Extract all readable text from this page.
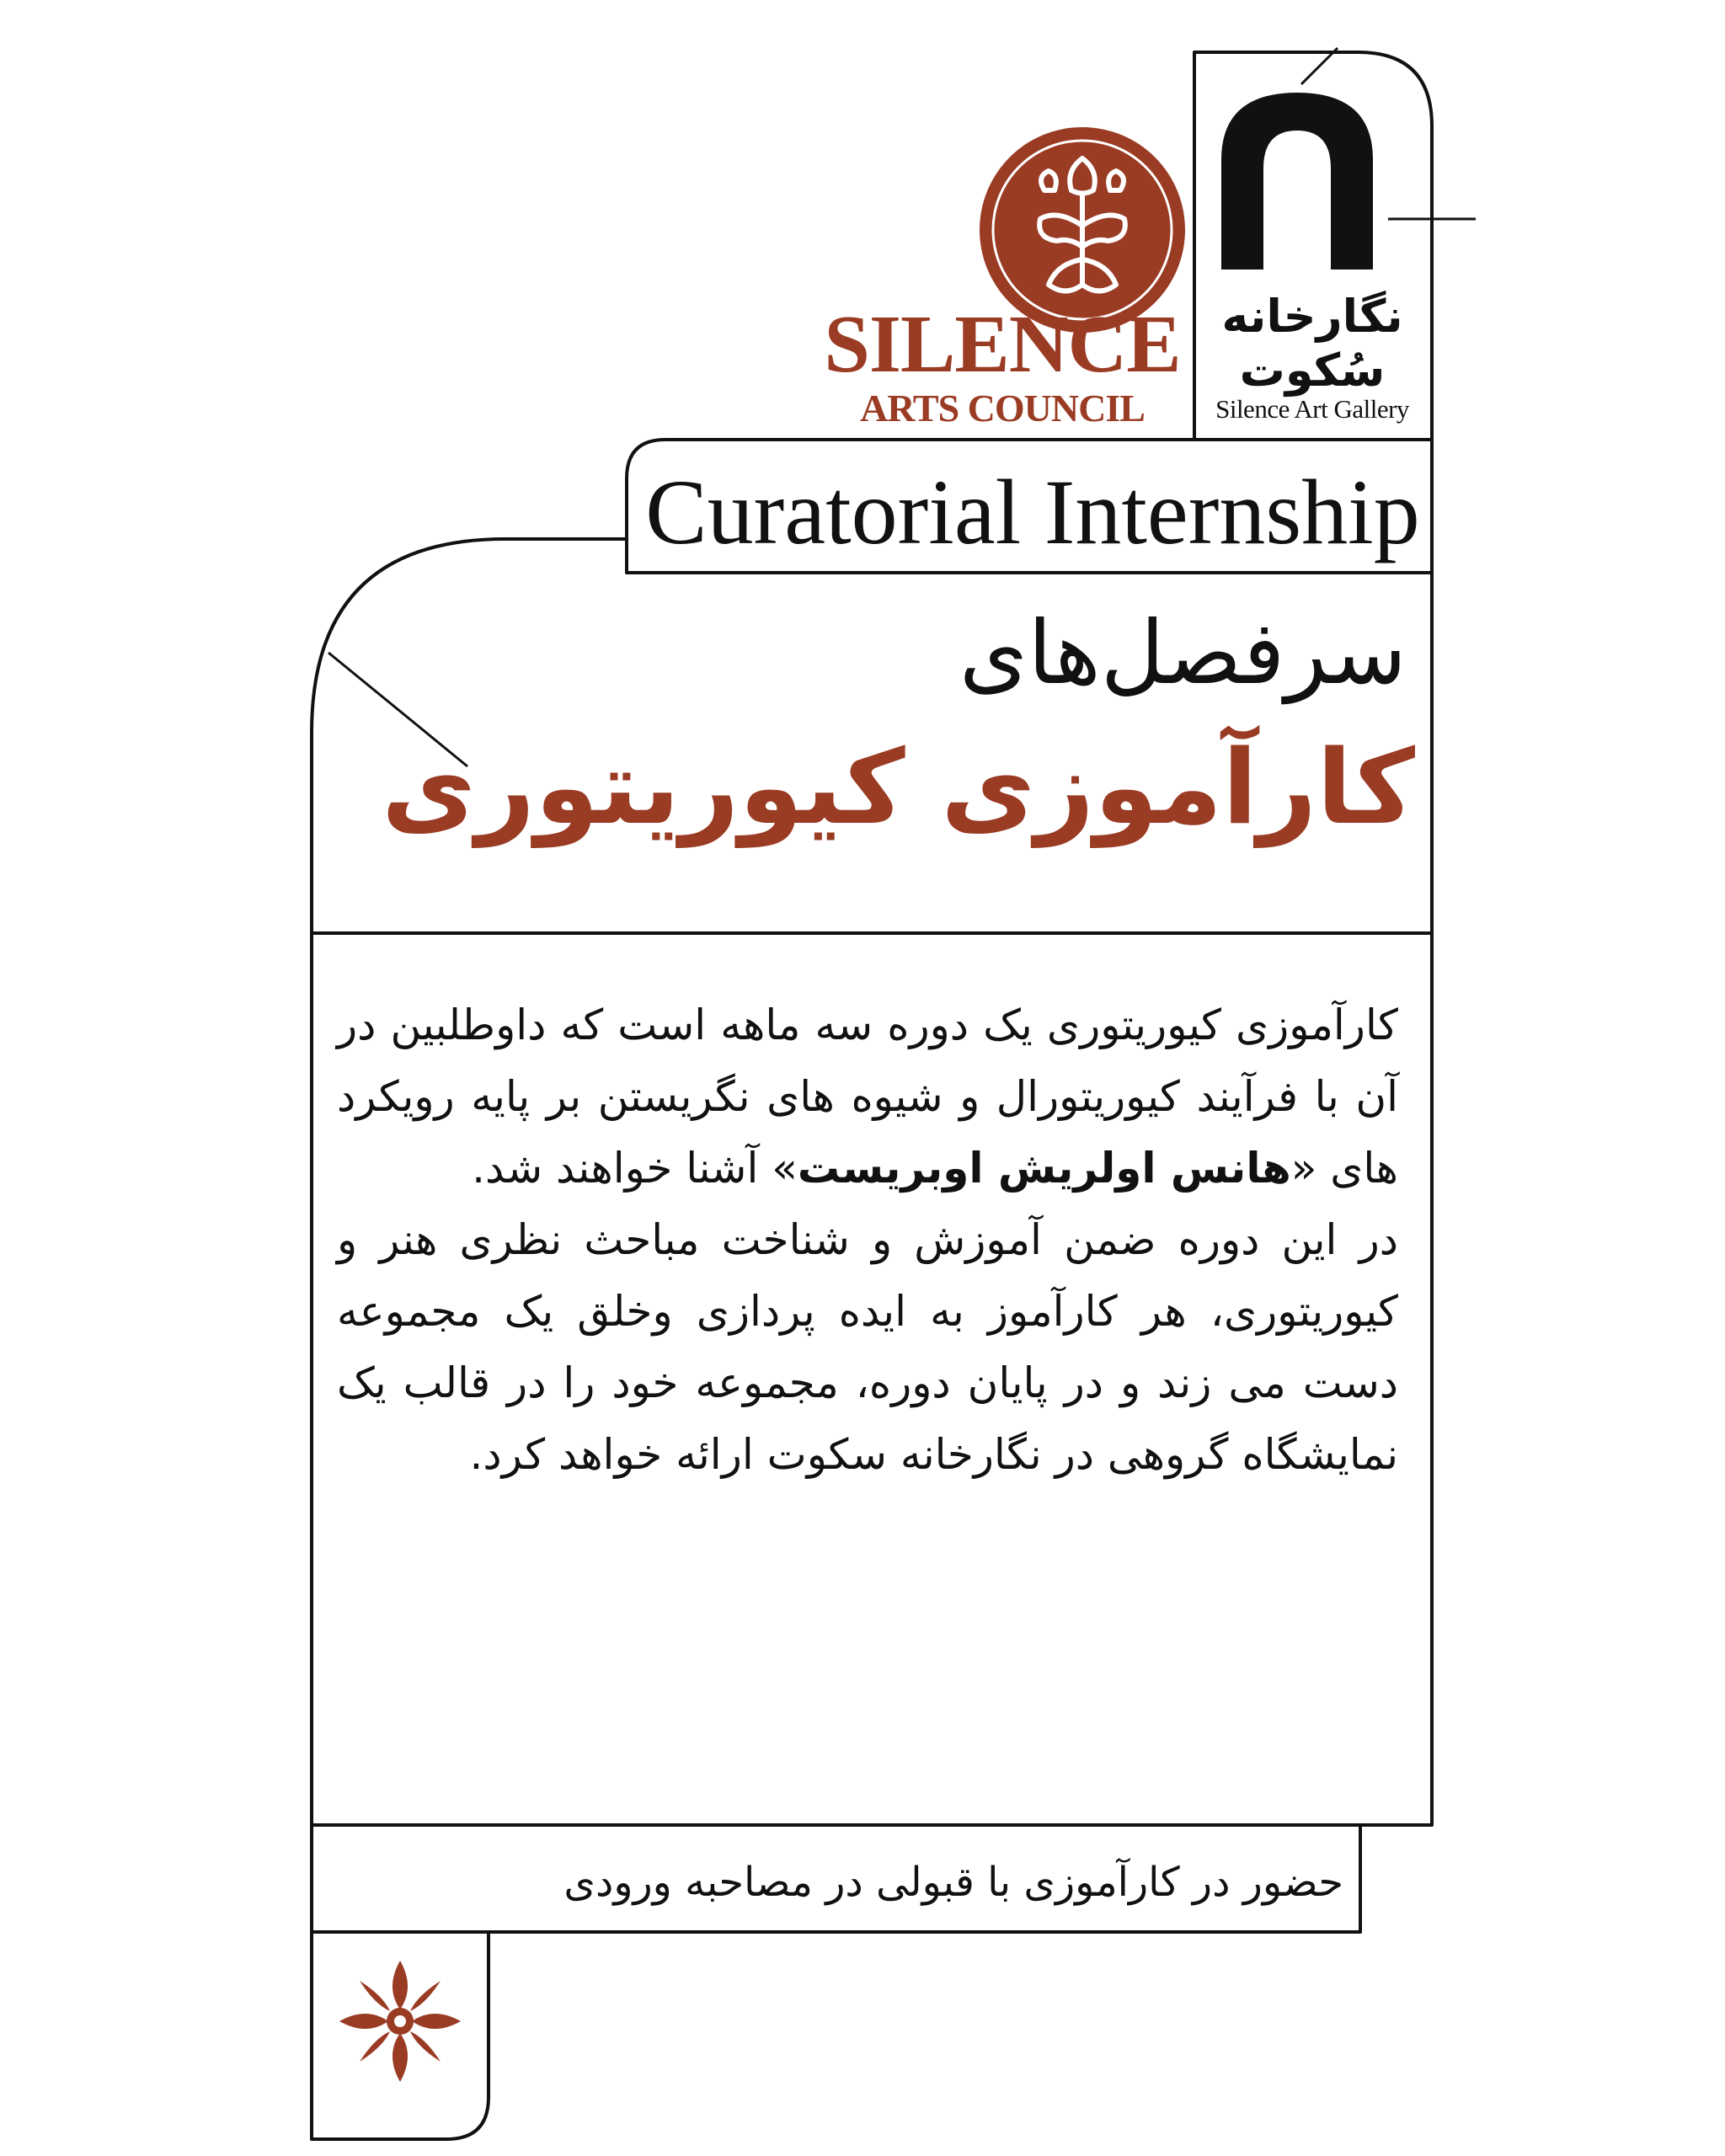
SILENCE
ARTS COUNCIL
نگارخانه سُکوت
Silence Art Gallery
Curatorial Internship
سرفصل‌های
کارآموزی کیوریتوری

کارآموزی کیوریتوری یک دوره سه ماهه است که داوطلبین در آن با فرآیند کیوریتورال و شیوه های نگریستن بر پایه رویکرد های «هانس اولریش اوبریست» آشنا خواهند شد.

در این دوره ضمن آموزش و شناخت مباحث نظری هنر و کیوریتوری، هر کارآموز به ایده پردازی وخلق یک مجموعه دست می زند و در پایان دوره، مجموعه خود را در قالب یک نمایشگاه گروهی در نگارخانه سکوت ارائه خواهد کرد.

حضور در کارآموزی با قبولی در مصاحبه ورودی
